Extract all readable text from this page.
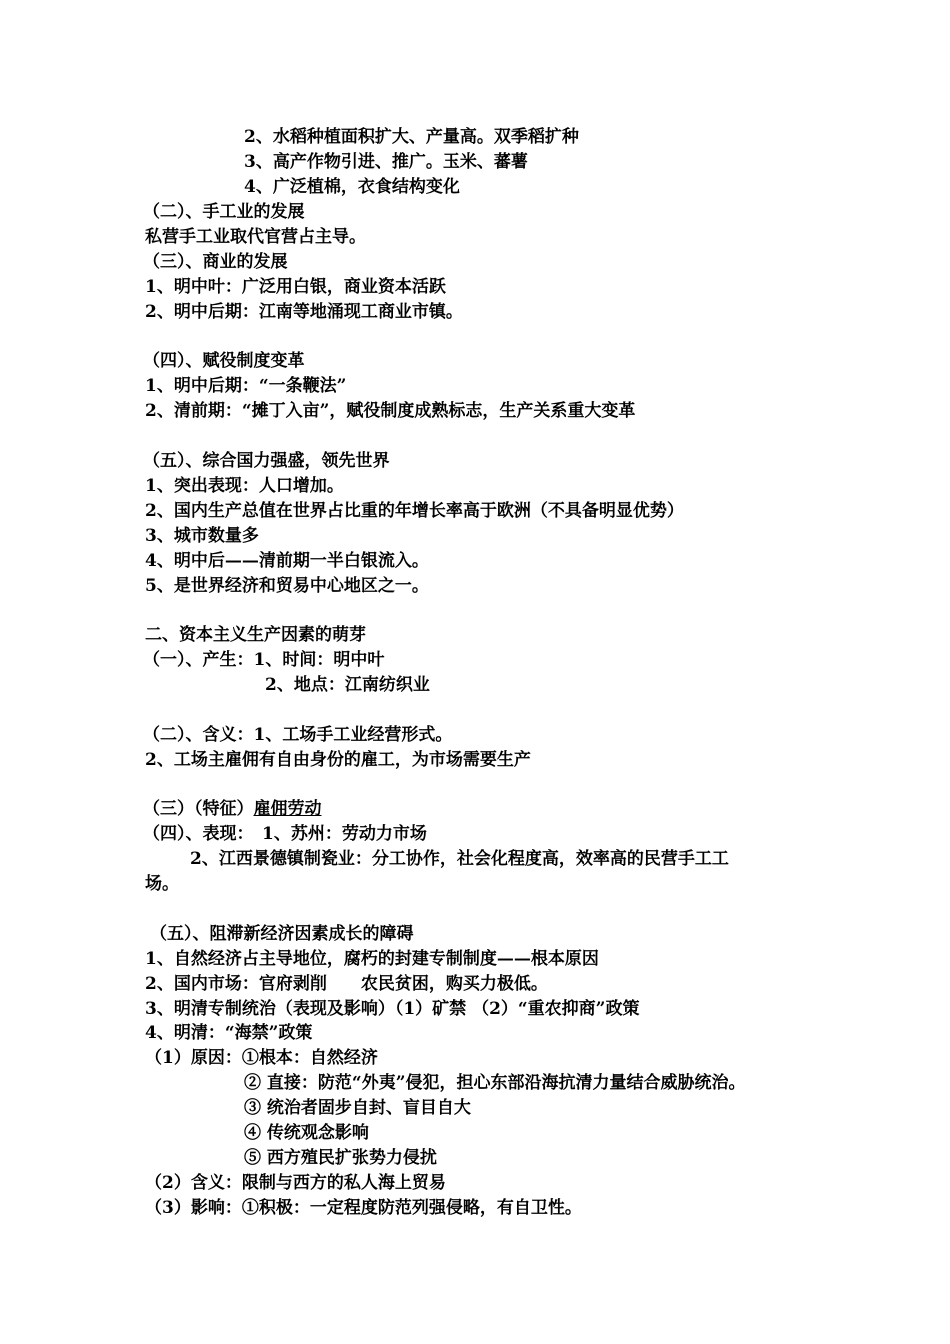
2、水稻种植面积扩大、产量高。双季稻扩种
3、高产作物引进、推广。玉米、蕃薯
4、广泛植棉，衣食结构变化
（二）、手工业的发展
私营手工业取代官营占主导。
（三）、商业的发展
1、明中叶：广泛用白银，商业资本活跃
2、明中后期：江南等地涌现工商业市镇。
（四）、赋役制度变革
1、明中后期：“一条鞭法”
2、清前期：“摊丁入亩”，赋役制度成熟标志，生产关系重大变革
（五）、综合国力强盛，领先世界
1、突出表现：人口增加。
2、国内生产总值在世界占比重的年增长率高于欧洲（不具备明显优势）
3、城市数量多
4、明中后——清前期一半白银流入。
5、是世界经济和贸易中心地区之一。
二、资本主义生产因素的萌芽
（一）、产生：1、时间：明中叶
2、地点：江南纺织业
（二）、含义：1、工场手工业经营形式。
2、工场主雇佣有自由身份的雇工，为市场需要生产
（三）（特征）雇佣劳动
（四）、表现：　1、苏州：劳动力市场
2、江西景德镇制瓷业：分工协作，社会化程度高，效率高的民营手工工
场。
（五）、阻滞新经济因素成长的障碍
1、自然经济占主导地位，腐朽的封建专制制度——根本原因
2、国内市场：官府剥削　　农民贫困，购买力极低。
3、明清专制统治（表现及影响）（1）矿禁 （2）“重农抑商”政策
4、明清：“海禁”政策
（1）原因：①根本：自然经济
② 直接：防范“外夷”侵犯，担心东部沿海抗清力量结合威胁统治。
③ 统治者固步自封、盲目自大
④ 传统观念影响
⑤ 西方殖民扩张势力侵扰
（2）含义：限制与西方的私人海上贸易
（3）影响：①积极：一定程度防范列强侵略，有自卫性。
